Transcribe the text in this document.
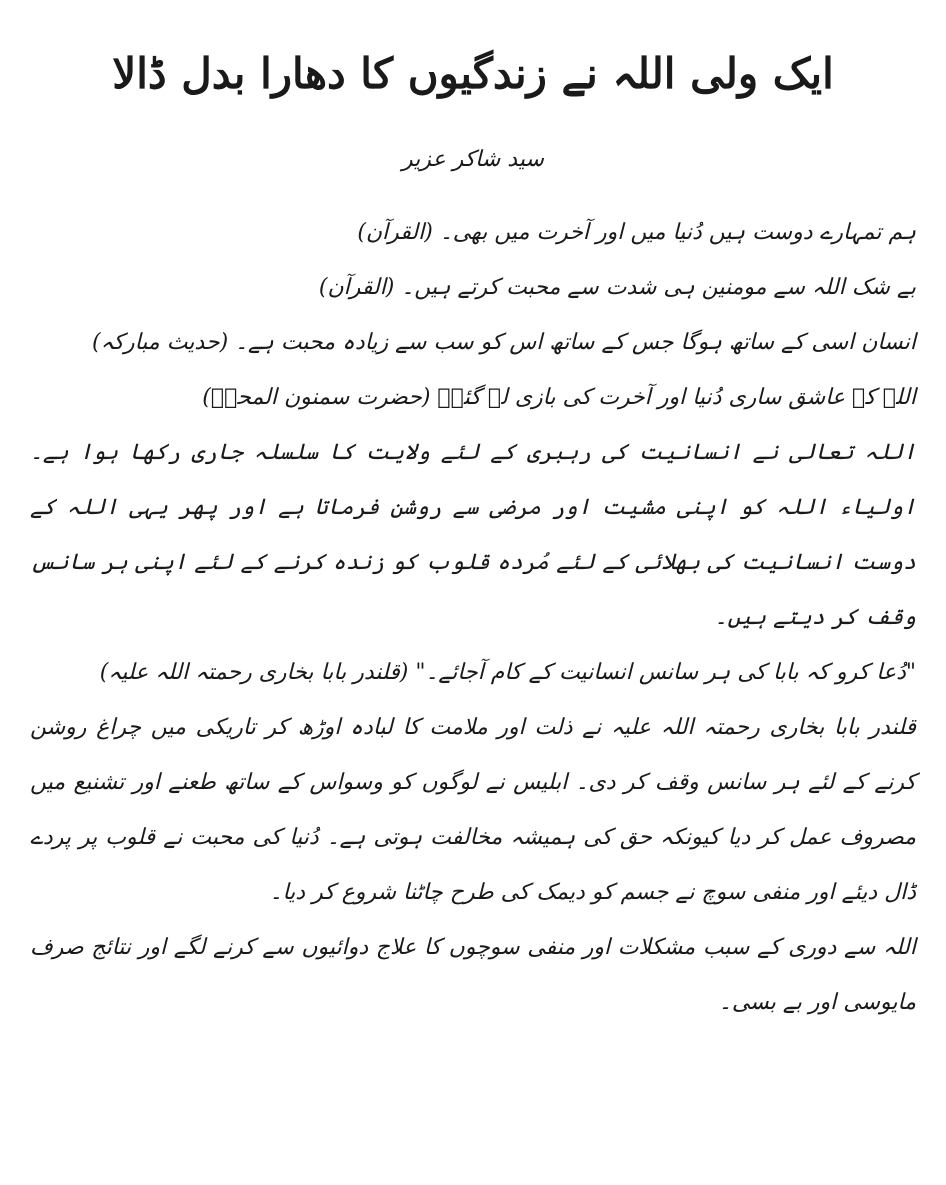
ایک ولی اللہ نے زندگیوں کا دھارا بدل ڈالا
سید شاکر عزیر

ہم تمہارے دوست ہیں دُنیا میں اور آخرت میں بھی۔ (القرآن)

بے شک اللہ سے مومنین ہی شدت سے محبت کرتے ہیں۔ (القرآن)

انسان اسی کے ساتھ ہوگا جس کے ساتھ اس کو سب سے زیادہ محبت ہے۔ (حدیث مبارکہ)

اللہ کے عاشق ساری دُنیا اور آخرت کی بازی لے گئے۔ (حضرت سمنون المحبؒ)

اللہ تعالی نے انسانیت کی رہبری کے لئے ولایت کا سلسلہ جاری رکھا ہوا ہے۔ اولیاء اللہ کو اپنی مشیت اور مرضی سے روشن فرماتا ہے اور پھر یہی اللہ کے دوست انسانیت کی بھلائی کے لئے مُردہ قلوب کو زندہ کرنے کے لئے اپنی ہر سانس وقف کر دیتے ہیں۔

"دُعا کرو کہ بابا کی ہر سانس انسانیت کے کام آجائے۔" (قلندر بابا بخاری رحمتہ اللہ علیہ)

قلندر بابا بخاری رحمتہ اللہ علیہ نے ذلت اور ملامت کا لبادہ اوڑھ کر تاریکی میں چراغ روشن کرنے کے لئے ہر سانس وقف کر دی۔ ابلیس نے لوگوں کو وسواس کے ساتھ طعنے اور تشنیع میں مصروف عمل کر دیا کیونکہ حق کی ہمیشہ مخالفت ہوتی ہے۔ دُنیا کی محبت نے قلوب پر پردے ڈال دیئے اور منفی سوچ نے جسم کو دیمک کی طرح چاٹنا شروع کر دیا۔

اللہ سے دوری کے سبب مشکلات اور منفی سوچوں کا علاج دوائیوں سے کرنے لگے اور نتائج صرف مایوسی اور بے بسی۔
